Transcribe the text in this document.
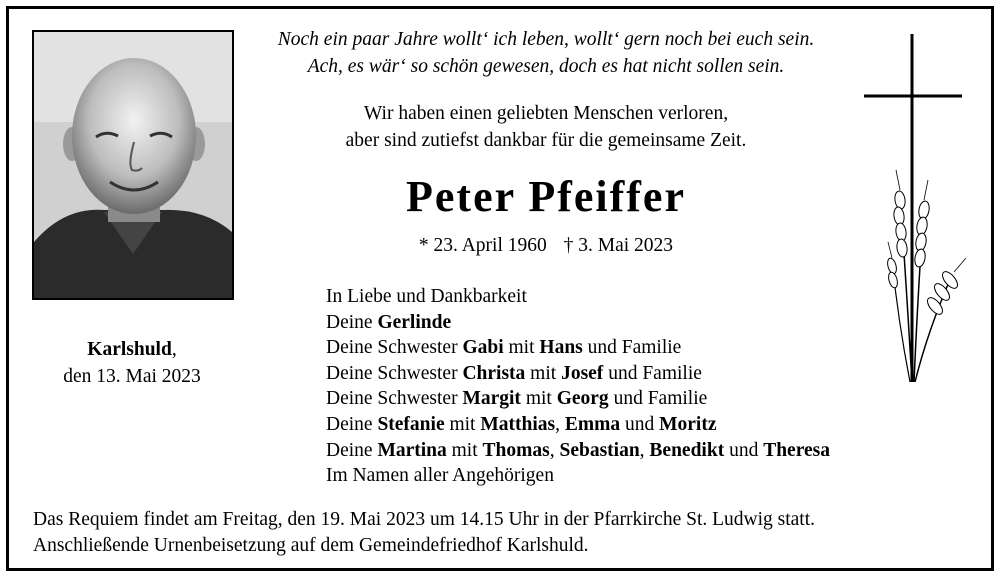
Noch ein paar Jahre wollt‘ ich leben, wollt‘ gern noch bei euch sein.
Ach, es wär‘ so schön gewesen, doch es hat nicht sollen sein.
Wir haben einen geliebten Menschen verloren,
aber sind zutiefst dankbar für die gemeinsame Zeit.
Peter Pfeiffer
* 23. April 1960 † 3. Mai 2023
Karlshuld,
den 13. Mai 2023
In Liebe und Dankbarkeit
Deine Gerlinde
Deine Schwester Gabi mit Hans und Familie
Deine Schwester Christa mit Josef und Familie
Deine Schwester Margit mit Georg und Familie
Deine Stefanie mit Matthias, Emma und Moritz
Deine Martina mit Thomas, Sebastian, Benedikt und Theresa
Im Namen aller Angehörigen
Das Requiem findet am Freitag, den 19. Mai 2023 um 14.15 Uhr in der Pfarrkirche St. Ludwig statt.
Anschließende Urnenbeisetzung auf dem Gemeindefriedhof Karlshuld.
